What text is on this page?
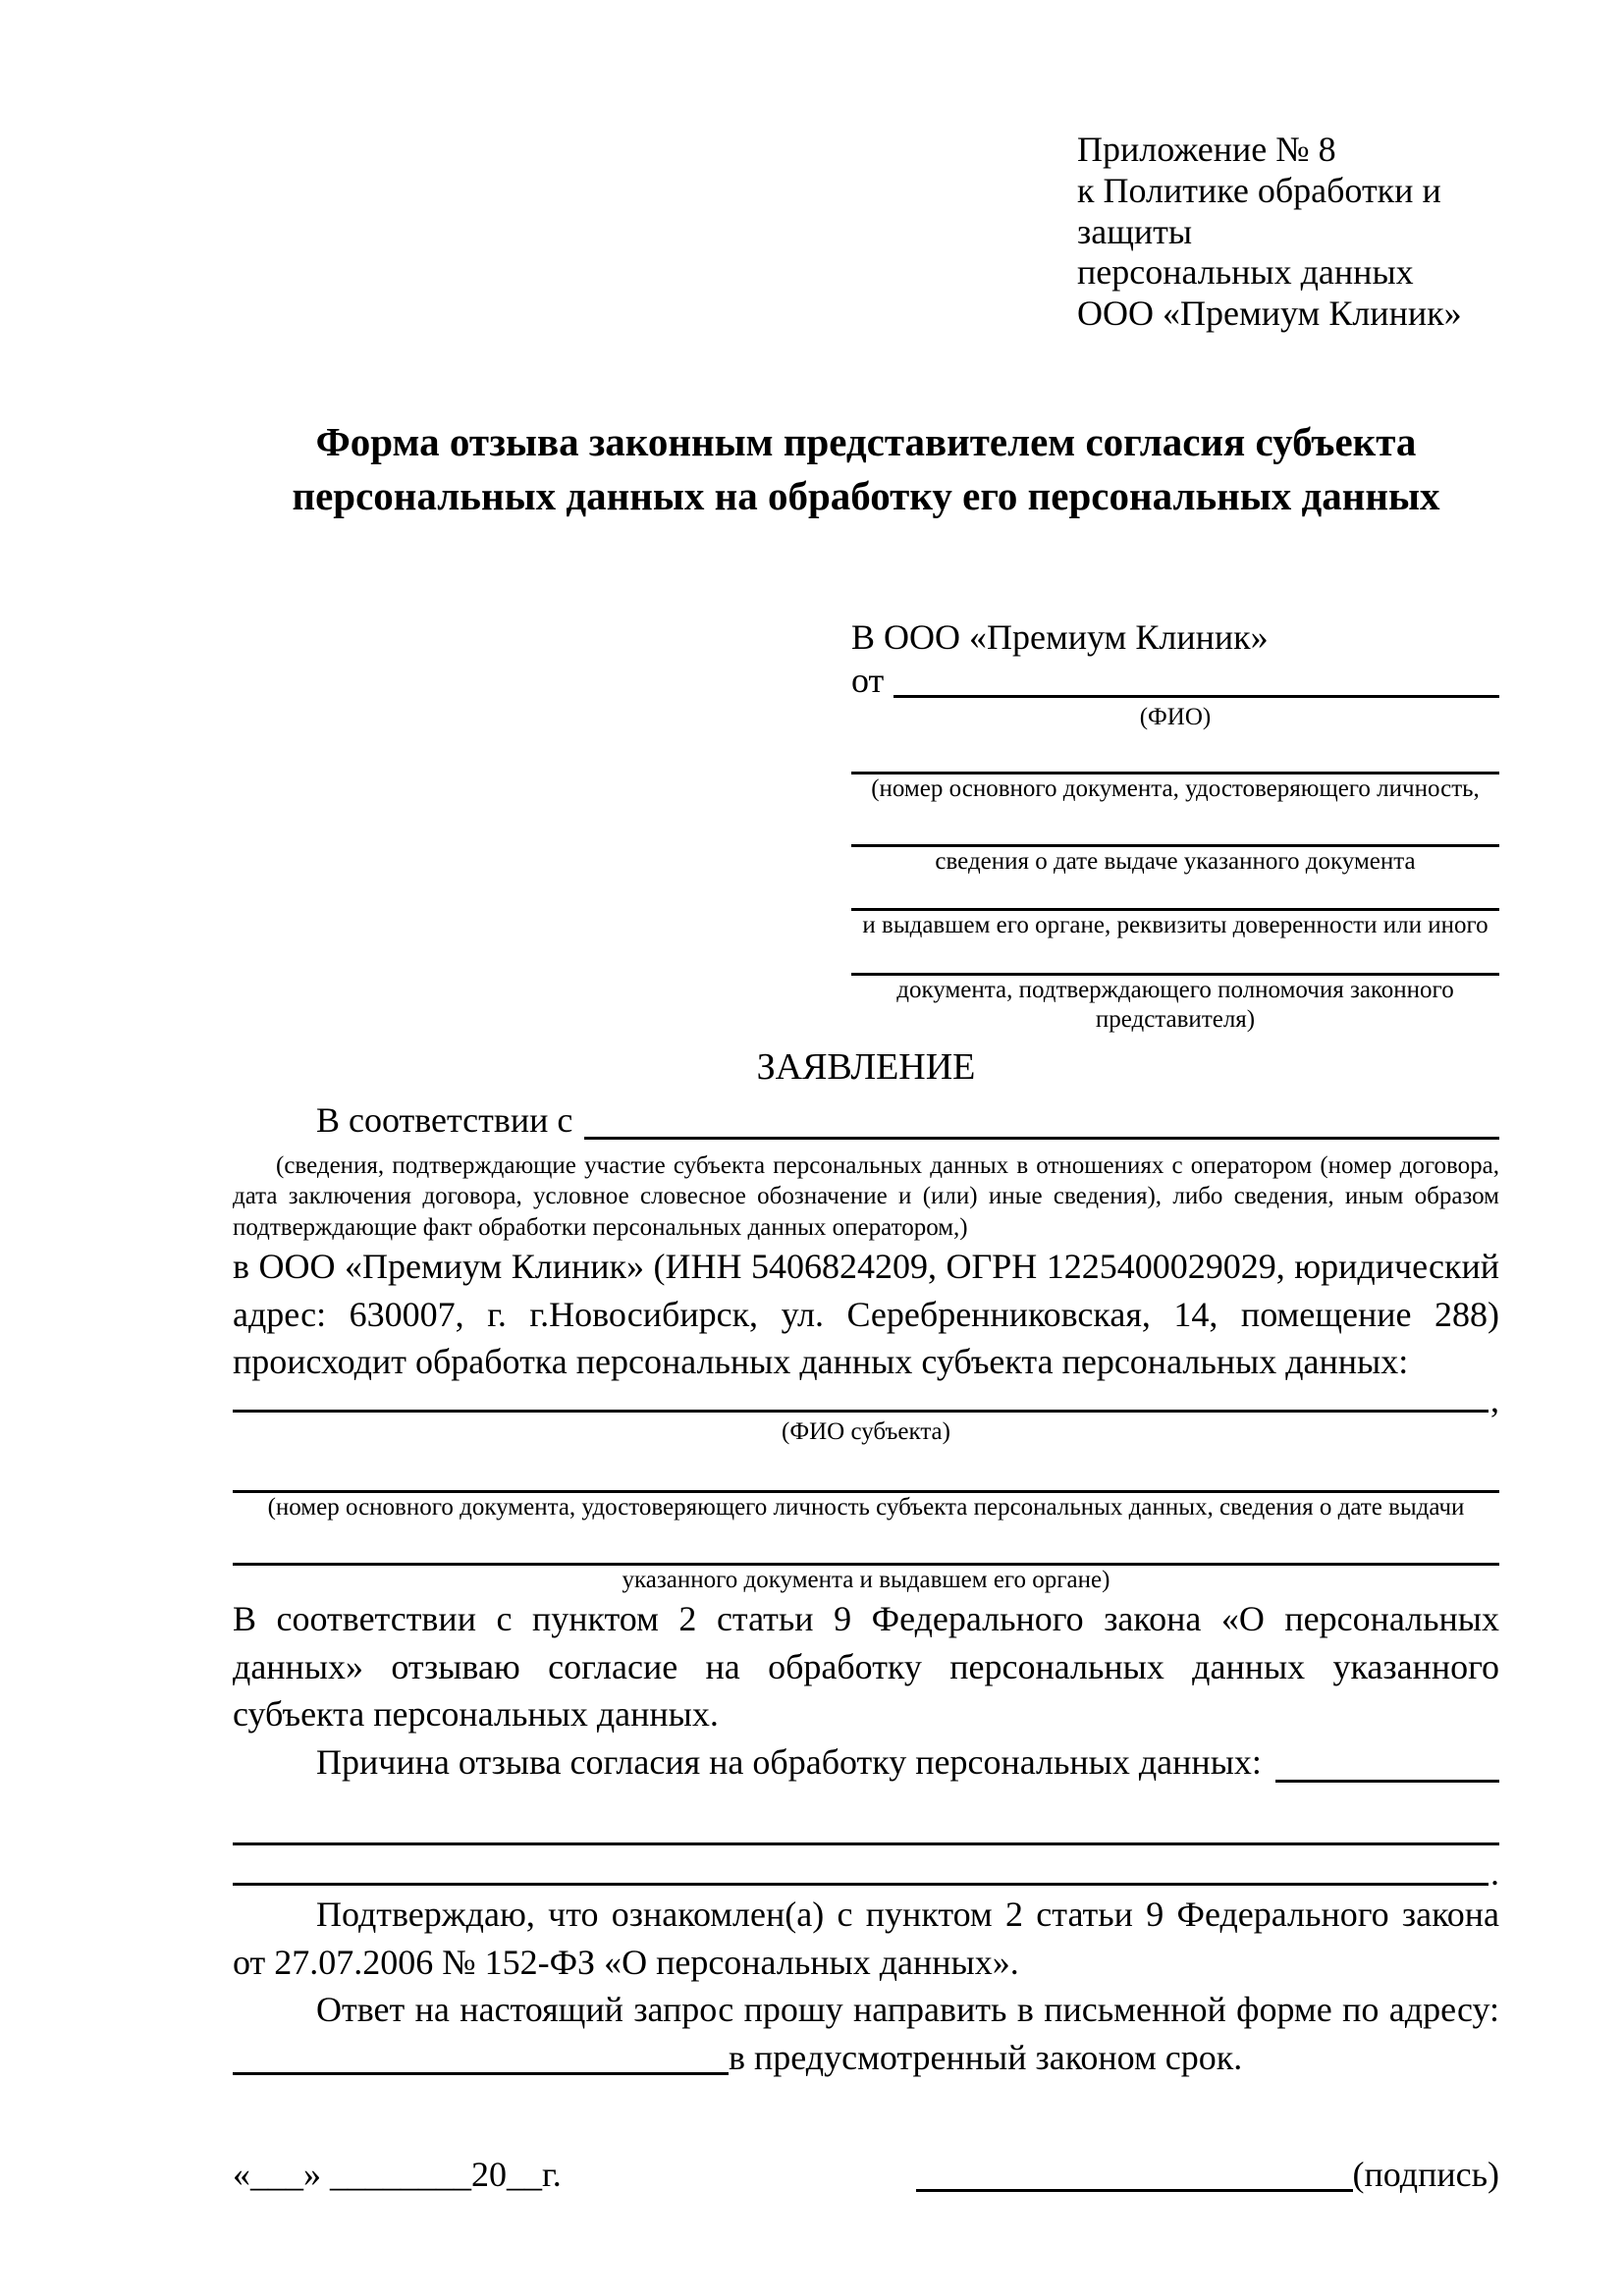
Приложение № 8
к Политике обработки и защиты
персональных данных
ООО «Премиум Клиник»
Форма отзыва законным представителем согласия субъекта
персональных данных на обработку его персональных данных
В ООО «Премиум Клиник»
от
(ФИО)
(номер основного документа, удостоверяющего личность,
сведения о дате выдаче указанного документа
и выдавшем его органе, реквизиты доверенности или иного
документа, подтверждающего полномочия законного представителя)
ЗАЯВЛЕНИЕ
В соответствии с
(сведения, подтверждающие участие субъекта персональных данных в отношениях с оператором (номер договора, дата заключения договора, условное словесное обозначение и (или) иные сведения), либо сведения, иным образом подтверждающие факт обработки персональных данных оператором,)
в ООО «Премиум Клиник» (ИНН 5406824209, ОГРН 1225400029029, юридический адрес: 630007, г. г.Новосибирск, ул. Серебренниковская, 14, помещение 288) происходит обработка персональных данных субъекта персональных данных:
,
(ФИО субъекта)
(номер основного документа, удостоверяющего личность субъекта персональных данных, сведения о дате выдачи
указанного документа и выдавшем его органе)
В соответствии с пунктом 2 статьи 9 Федерального закона «О персональных данных» отзываю согласие на обработку персональных данных указанного субъекта персональных данных.
Причина отзыва согласия на обработку персональных данных:
.
Подтверждаю, что ознакомлен(а) с пунктом 2 статьи 9 Федерального закона от 27.07.2006 № 152-ФЗ «О персональных данных».
Ответ на настоящий запрос прошу направить в письменной форме по адресу:
в предусмотренный законом срок.
«___» ________20__г.	(подпись)
